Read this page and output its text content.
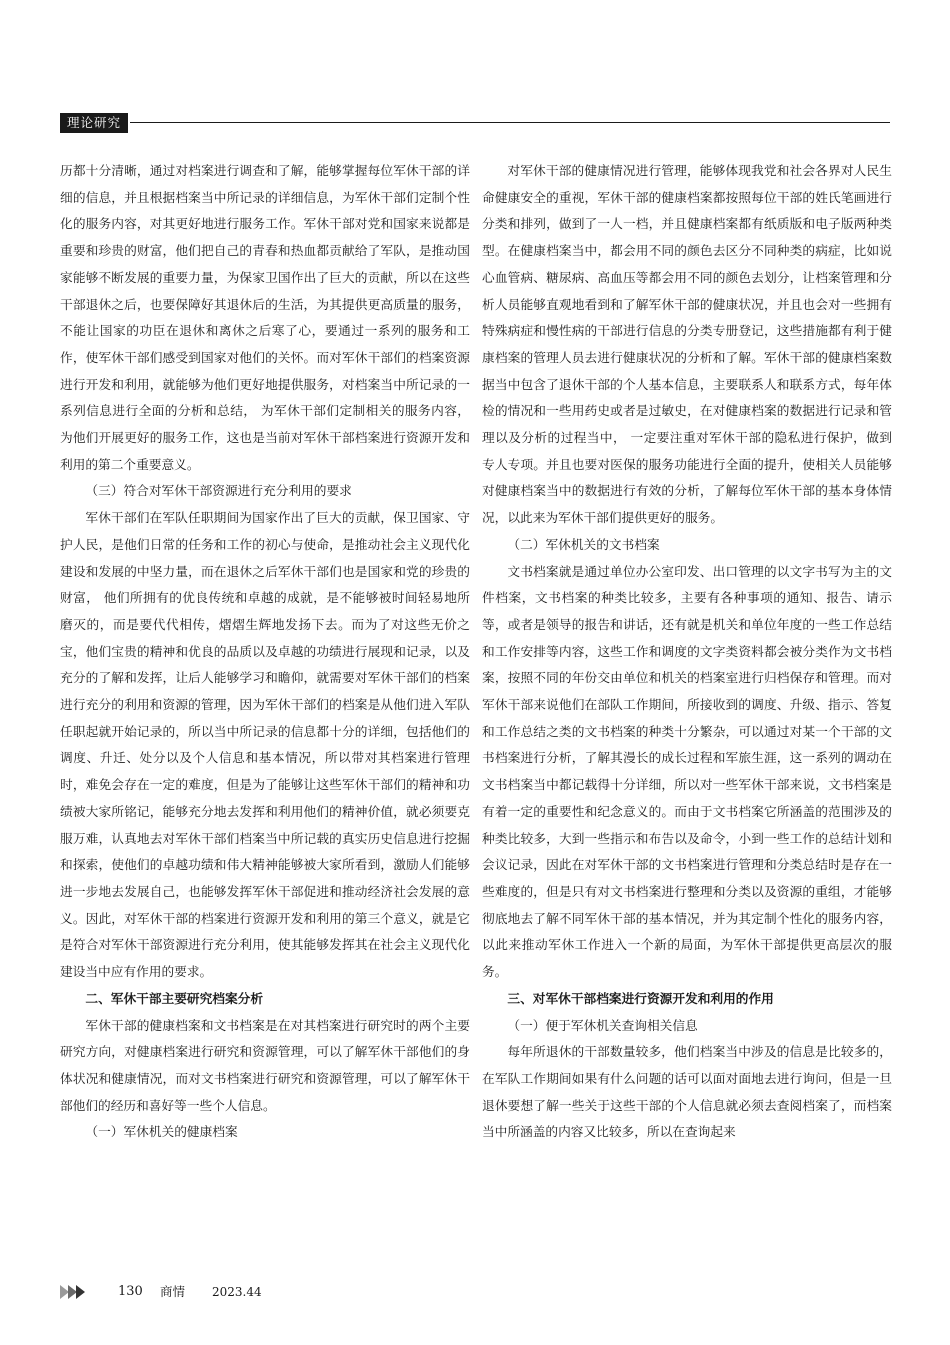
理论研究

历都十分清晰，通过对档案进行调查和了解，能够掌握每位军休干部的详细的信息，并且根据档案当中所记录的详细信息，为军休干部们定制个性化的服务内容，对其更好地进行服务工作。军休干部对党和国家来说都是重要和珍贵的财富，他们把自己的青春和热血都贡献给了军队，是推动国家能够不断发展的重要力量，为保家卫国作出了巨大的贡献，所以在这些干部退休之后，也要保障好其退休后的生活，为其提供更高质量的服务，不能让国家的功臣在退休和离休之后寒了心，要通过一系列的服务和工作，使军休干部们感受到国家对他们的关怀。而对军休干部们的档案资源进行开发和利用，就能够为他们更好地提供服务，对档案当中所记录的一系列信息进行全面的分析和总结， 为军休干部们定制相关的服务内容，为他们开展更好的服务工作，这也是当前对军休干部档案进行资源开发和利用的第二个重要意义。

（三）符合对军休干部资源进行充分利用的要求

军休干部们在军队任职期间为国家作出了巨大的贡献，保卫国家、守护人民，是他们日常的任务和工作的初心与使命，是推动社会主义现代化建设和发展的中坚力量，而在退休之后军休干部们也是国家和党的珍贵的财富， 他们所拥有的优良传统和卓越的成就，是不能够被时间轻易地所磨灭的，而是要代代相传，熠熠生辉地发扬下去。而为了对这些无价之宝，他们宝贵的精神和优良的品质以及卓越的功绩进行展现和记录，以及充分的了解和发挥，让后人能够学习和瞻仰，就需要对军休干部们的档案进行充分的利用和资源的管理，因为军休干部们的档案是从他们进入军队任职起就开始记录的，所以当中所记录的信息都十分的详细，包括他们的调度、升迁、处分以及个人信息和基本情况，所以带对其档案进行管理时，难免会存在一定的难度，但是为了能够让这些军休干部们的精神和功绩被大家所铭记，能够充分地去发挥和利用他们的精神价值，就必须要克服万难，认真地去对军休干部们档案当中所记载的真实历史信息进行挖掘和探索，使他们的卓越功绩和伟大精神能够被大家所看到，激励人们能够进一步地去发展自己，也能够发挥军休干部促进和推动经济社会发展的意义。因此，对军休干部的档案进行资源开发和利用的第三个意义，就是它是符合对军休干部资源进行充分利用，使其能够发挥其在社会主义现代化建设当中应有作用的要求。

二、军休干部主要研究档案分析

军休干部的健康档案和文书档案是在对其档案进行研究时的两个主要研究方向，对健康档案进行研究和资源管理，可以了解军休干部他们的身体状况和健康情况，而对文书档案进行研究和资源管理，可以了解军休干部他们的经历和喜好等一些个人信息。

（一）军休机关的健康档案

对军休干部的健康情况进行管理，能够体现我党和社会各界对人民生命健康安全的重视，军休干部的健康档案都按照每位干部的姓氏笔画进行分类和排列，做到了一人一档，并且健康档案都有纸质版和电子版两种类型。在健康档案当中，都会用不同的颜色去区分不同种类的病症，比如说心血管病、糖尿病、高血压等都会用不同的颜色去划分，让档案管理和分析人员能够直观地看到和了解军休干部的健康状况，并且也会对一些拥有特殊病症和慢性病的干部进行信息的分类专册登记，这些措施都有利于健康档案的管理人员去进行健康状况的分析和了解。军休干部的健康档案数据当中包含了退休干部的个人基本信息，主要联系人和联系方式，每年体检的情况和一些用药史或者是过敏史，在对健康档案的数据进行记录和管理以及分析的过程当中， 一定要注重对军休干部的隐私进行保护，做到专人专项。并且也要对医保的服务功能进行全面的提升，使相关人员能够对健康档案当中的数据进行有效的分析，了解每位军休干部的基本身体情况，以此来为军休干部们提供更好的服务。

（二）军休机关的文书档案

文书档案就是通过单位办公室印发、出口管理的以文字书写为主的文件档案，文书档案的种类比较多，主要有各种事项的通知、报告、请示等，或者是领导的报告和讲话，还有就是机关和单位年度的一些工作总结和工作安排等内容，这些工作和调度的文字类资料都会被分类作为文书档案，按照不同的年份交由单位和机关的档案室进行归档保存和管理。而对军休干部来说他们在部队工作期间，所接收到的调度、升级、指示、答复和工作总结之类的文书档案的种类十分繁杂，可以通过对某一个干部的文书档案进行分析，了解其漫长的成长过程和军旅生涯，这一系列的调动在文书档案当中都记载得十分详细，所以对一些军休干部来说，文书档案是有着一定的重要性和纪念意义的。而由于文书档案它所涵盖的范围涉及的种类比较多，大到一些指示和布告以及命令，小到一些工作的总结计划和会议记录，因此在对军休干部的文书档案进行管理和分类总结时是存在一些难度的，但是只有对文书档案进行整理和分类以及资源的重组，才能够彻底地去了解不同军休干部的基本情况，并为其定制个性化的服务内容，以此来推动军休工作进入一个新的局面，为军休干部提供更高层次的服务。

三、对军休干部档案进行资源开发和利用的作用
（一）便于军休机关查询相关信息

每年所退休的干部数量较多，他们档案当中涉及的信息是比较多的，在军队工作期间如果有什么问题的话可以面对面地去进行询问，但是一旦退休要想了解一些关于这些干部的个人信息就必须去查阅档案了，而档案当中所涵盖的内容又比较多，所以在查询起来

130 商情 2023.44
